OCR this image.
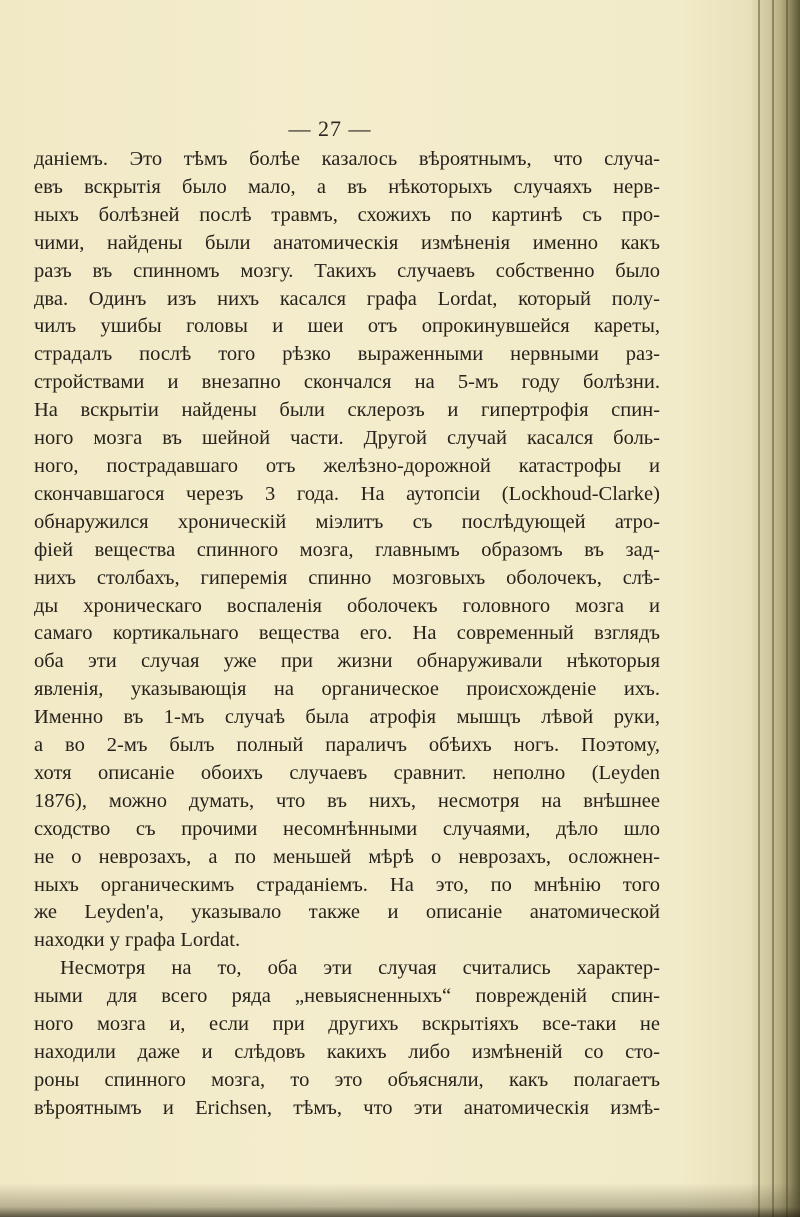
— 27 —
даніемъ. Это тѣмъ болѣе казалось вѣроятнымъ, что случа-
евъ вскрытія было мало, а въ нѣкоторыхъ случаяхъ нерв-
ныхъ болѣзней послѣ травмъ, схожихъ по картинѣ съ про-
чими, найдены были анатомическія измѣненія именно какъ
разъ въ спинномъ мозгу. Такихъ случаевъ собственно было
два. Одинъ изъ нихъ касался графа Lordat, который полу-
чилъ ушибы головы и шеи отъ опрокинувшейся кареты,
страдалъ послѣ того рѣзко выраженными нервными раз-
стройствами и внезапно скончался на 5-мъ году болѣзни.
На вскрытіи найдены были склерозъ и гипертрофія спин-
ного мозга въ шейной части. Другой случай касался боль-
ного, пострадавшаго отъ желѣзно-дорожной катастрофы и
скончавшагося черезъ 3 года. На аутопсіи (Lockhoud-Clarke)
обнаружился хроническій міэлитъ съ послѣдующей атро-
фіей вещества спинного мозга, главнымъ образомъ въ зад-
нихъ столбахъ, гиперемія спинно мозговыхъ оболочекъ, слѣ-
ды хроническаго воспаленія оболочекъ головного мозга и
самаго кортикальнаго вещества его. На современный взглядъ
оба эти случая уже при жизни обнаруживали нѣкоторыя
явленія, указывающія на органическое происхожденіе ихъ.
Именно въ 1-мъ случаѣ была атрофія мышцъ лѣвой руки,
а во 2-мъ былъ полный параличъ обѣихъ ногъ. Поэтому,
хотя описаніе обоихъ случаевъ сравнит. неполно (Leyden
1876), можно думать, что въ нихъ, несмотря на внѣшнее
сходство съ прочими несомнѣнными случаями, дѣло шло
не о неврозахъ, а по меньшей мѣрѣ о неврозахъ, осложнен-
ныхъ органическимъ страданіемъ. На это, по мнѣнію того
же Leyden'а, указывало также и описаніе анатомической
находки у графа Lordat.
Несмотря на то, оба эти случая считались характер-
ными для всего ряда „невыясненныхъ“ поврежденій спин-
ного мозга и, если при другихъ вскрытіяхъ все-таки не
находили даже и слѣдовъ какихъ либо измѣненій со сто-
роны спинного мозга, то это объясняли, какъ полагаетъ
вѣроятнымъ и Erichsen, тѣмъ, что эти анатомическія измѣ-
